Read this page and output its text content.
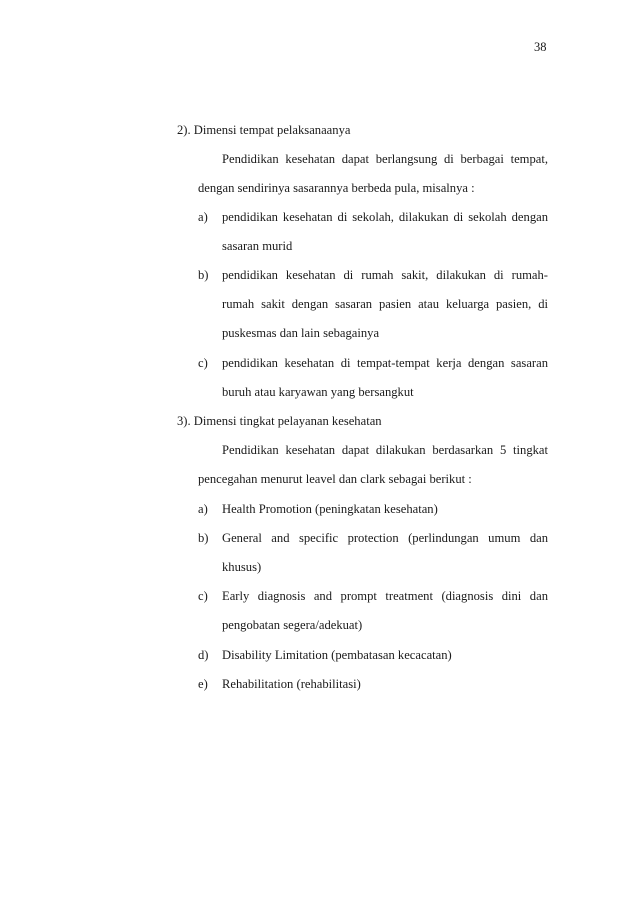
38
2). Dimensi tempat pelaksanaanya
Pendidikan kesehatan dapat berlangsung di berbagai tempat,
dengan sendirinya sasarannya berbeda pula, misalnya :
a) pendidikan kesehatan di sekolah, dilakukan di sekolah dengan
sasaran murid
b) pendidikan kesehatan di rumah sakit, dilakukan di rumah-
rumah sakit dengan sasaran pasien atau keluarga pasien, di
puskesmas dan lain sebagainya
c) pendidikan kesehatan di tempat-tempat kerja dengan sasaran
buruh atau karyawan yang bersangkut
3). Dimensi tingkat pelayanan kesehatan
Pendidikan kesehatan dapat dilakukan berdasarkan 5 tingkat
pencegahan menurut leavel dan clark sebagai berikut :
a) Health Promotion (peningkatan kesehatan)
b) General and specific protection (perlindungan umum dan
khusus)
c) Early diagnosis and prompt treatment (diagnosis dini dan
pengobatan segera/adekuat)
d) Disability Limitation (pembatasan kecacatan)
e) Rehabilitation (rehabilitasi)
